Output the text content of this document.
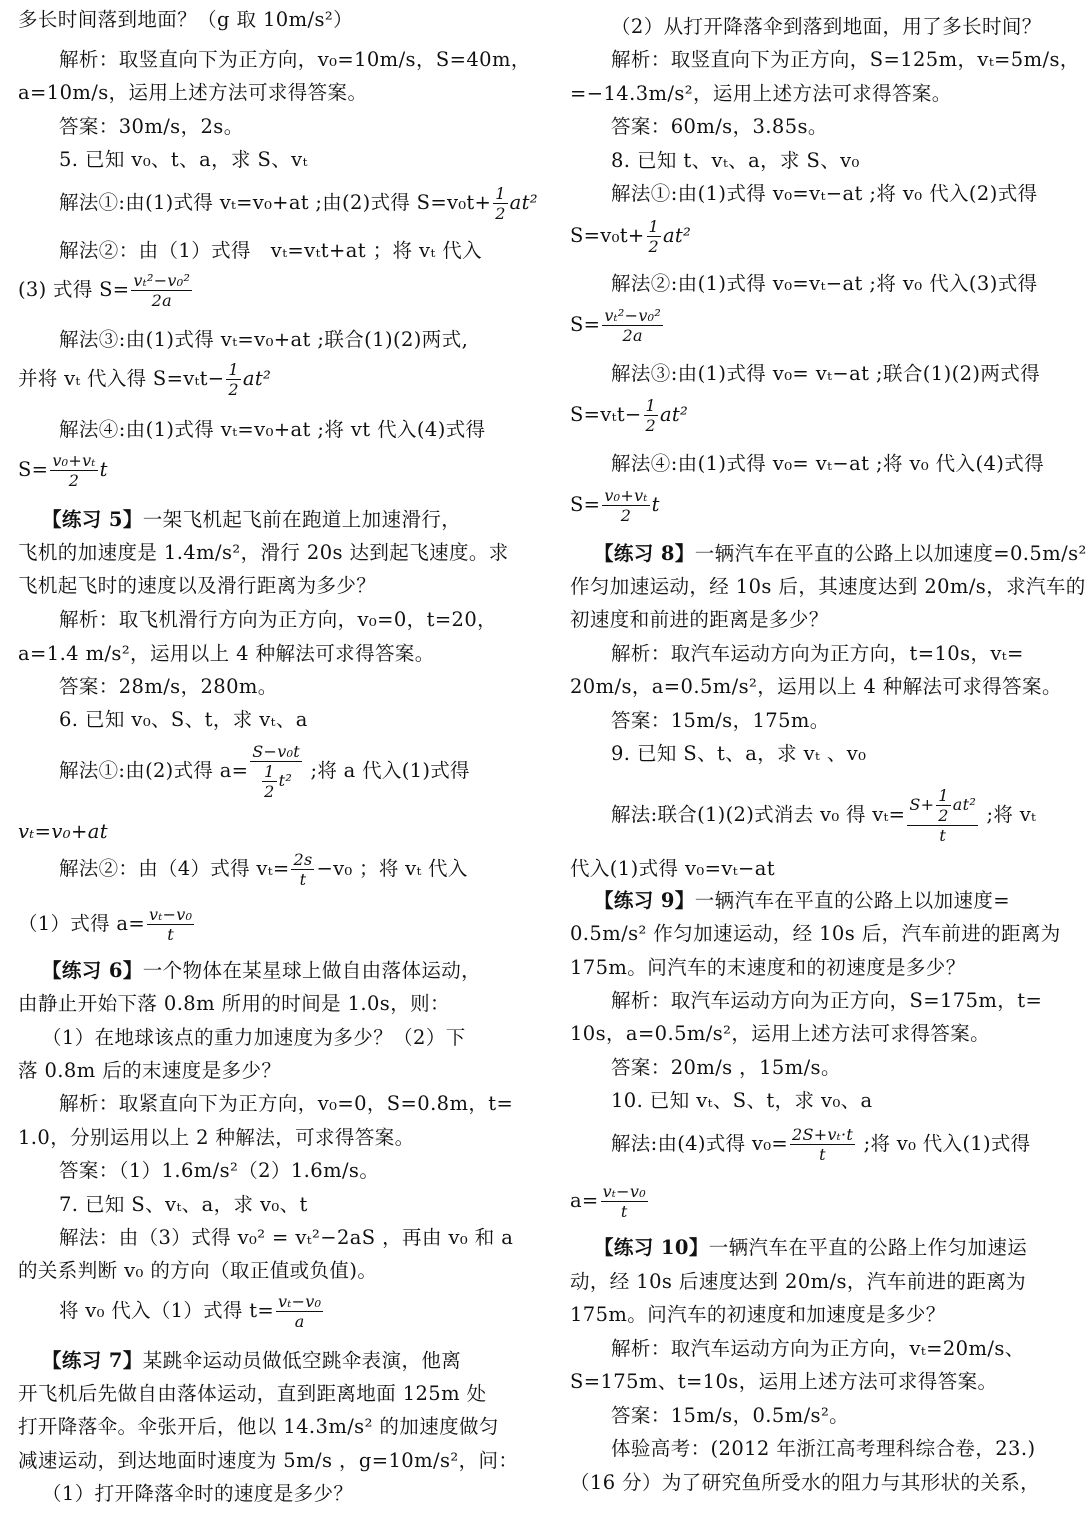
多长时间落到地面？（g 取 10m/s²）
解析：取竖直向下为正方向，v₀=10m/s，S=40m，
a=10m/s，运用上述方法可求得答案。
答案：30m/s，2s。
5. 已知 v₀、t、a，求 S、vₜ
解法①:由(1)式得 vₜ=v₀+at ;由(2)式得 $S=v_0t+ \frac{1}{2} at^2$
解法②：由（1）式得　vₜ=vₜt+at ；将 vₜ 代入
(3) 式得 $S= \frac{\text{vₜ²−v₀²}}{2a}$
解法③:由(1)式得 vₜ=v₀+at ;联合(1)(2)两式,
并将 vₜ 代入得 $S=v_tt- \frac{1}{2} at^2$
解法④:由(1)式得 vₜ=v₀+at ;将 vt 代入(4)式得
$S= \frac{\text{v₀+vₜ}}{2}$ t
【练习 5】一架飞机起飞前在跑道上加速滑行，
飞机的加速度是 1.4m/s²，滑行 20s 达到起飞速度。求
飞机起飞时的速度以及滑行距离为多少？
解析：取飞机滑行方向为正方向，v₀=0，t=20，
a=1.4 m/s²，运用以上 4 种解法可求得答案。
答案：28m/s，280m。
6. 已知 v₀、S、t，求 vₜ、a
解法①:由(2)式得 $a= \frac{\text{S−v₀t}}{\frac{1}{2} t^2}$ ;将 a 代入(1)式得
vₜ=v₀+at
解法②：由（4）式得 $v_t= \frac{2s}{t} -v_0$ ；将 vₜ 代入
（1）式得 $a= \frac{\text{vₜ−v₀}}{t}$
【练习 6】一个物体在某星球上做自由落体运动，
由静止开始下落 0.8m 所用的时间是 1.0s，则：
（1）在地球该点的重力加速度为多少？（2）下
落 0.8m 后的末速度是多少？
解析：取紧直向下为正方向，v₀=0，S=0.8m，t=
1.0，分别运用以上 2 种解法，可求得答案。
答案：（1）1.6m/s²（2）1.6m/s。
7. 已知 S、vₜ、a，求 v₀、t
解法：由（3）式得 v₀² = vₜ²−2aS ，再由 v₀ 和 a
的关系判断 v₀ 的方向（取正值或负值)。
将 v₀ 代入（1）式得 $t= \frac{\text{vₜ−v₀}}{a}$
【练习 7】某跳伞运动员做低空跳伞表演，他离
开飞机后先做自由落体运动，直到距离地面 125m 处
打开降落伞。伞张开后，他以 14.3m/s² 的加速度做匀
减速运动，到达地面时速度为 5m/s ，g=10m/s²，问：
（1）打开降落伞时的速度是多少？
（2）从打开降落伞到落到地面，用了多长时间？
解析：取竖直向下为正方向，S=125m，vₜ=5m/s，
=−14.3m/s²，运用上述方法可求得答案。
答案：60m/s，3.85s。
8. 已知 t、vₜ、a，求 S、v₀
解法①:由(1)式得 v₀=vₜ−at ;将 v₀ 代入(2)式得
$S=v_0t+ \frac{1}{2} at^2$
解法②:由(1)式得 v₀=vₜ−at ;将 v₀ 代入(3)式得
$S= \frac{\text{vₜ²−v₀²}}{2a}$
解法③:由(1)式得 v₀= vₜ−at ;联合(1)(2)两式得
$S=v_tt- \frac{1}{2} at^2$
解法④:由(1)式得 v₀= vₜ−at ;将 v₀ 代入(4)式得
$S= \frac{\text{v₀+vₜ}}{2}$ t
【练习 8】一辆汽车在平直的公路上以加速度=0.5m/s²
作匀加速运动，经 10s 后，其速度达到 20m/s，求汽车的
初速度和前进的距离是多少？
解析：取汽车运动方向为正方向，t=10s，vₜ=
20m/s，a=0.5m/s²，运用以上 4 种解法可求得答案。
答案：15m/s，175m。
9. 已知 S、t、a，求 vₜ 、v₀
解法:联合(1)(2)式消去 v₀ 得 $v_t= \frac{S+ \frac{1}{2} at^2}{t}$ ;将 vₜ
代入(1)式得 v₀=vₜ−at
【练习 9】一辆汽车在平直的公路上以加速度=
0.5m/s² 作匀加速运动，经 10s 后，汽车前进的距离为
175m。问汽车的末速度和的初速度是多少？
解析：取汽车运动方向为正方向，S=175m，t=
10s，a=0.5m/s²，运用上述方法可求得答案。
答案：20m/s ，15m/s。
10. 已知 vₜ、S、t，求 v₀、a
解法:由(4)式得 $v_0= \frac{\text{2S+vₜ·t}}{t}$ ;将 v₀ 代入(1)式得
$a= \frac{\text{vₜ−v₀}}{t}$
【练习 10】一辆汽车在平直的公路上作匀加速运
动，经 10s 后速度达到 20m/s，汽车前进的距离为
175m。问汽车的初速度和加速度是多少？
解析：取汽车运动方向为正方向，vₜ=20m/s、
S=175m、t=10s，运用上述方法可求得答案。
答案：15m/s，0.5m/s²。
体验高考：(2012 年浙江高考理科综合卷，23.)
（16 分）为了研究鱼所受水的阻力与其形状的关系，
